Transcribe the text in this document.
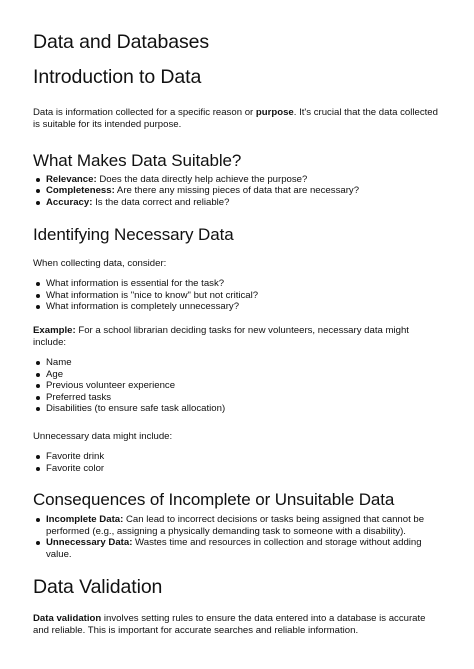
Data and Databases
Introduction to Data

Data is information collected for a specific reason or purpose. It's crucial that the data collected is suitable for its intended purpose.

What Makes Data Suitable?
Relevance: Does the data directly help achieve the purpose?
Completeness: Are there any missing pieces of data that are necessary?
Accuracy: Is the data correct and reliable?
Identifying Necessary Data

When collecting data, consider:

What information is essential for the task?
What information is "nice to know" but not critical?
What information is completely unnecessary?

Example: For a school librarian deciding tasks for new volunteers, necessary data might include:

Name
Age
Previous volunteer experience
Preferred tasks
Disabilities (to ensure safe task allocation)

Unnecessary data might include:

Favorite drink
Favorite color
Consequences of Incomplete or Unsuitable Data
Incomplete Data: Can lead to incorrect decisions or tasks being assigned that cannot be performed (e.g., assigning a physically demanding task to someone with a disability).
Unnecessary Data: Wastes time and resources in collection and storage without adding value.
Data Validation

Data validation involves setting rules to ensure the data entered into a database is accurate and reliable. This is important for accurate searches and reliable information.
